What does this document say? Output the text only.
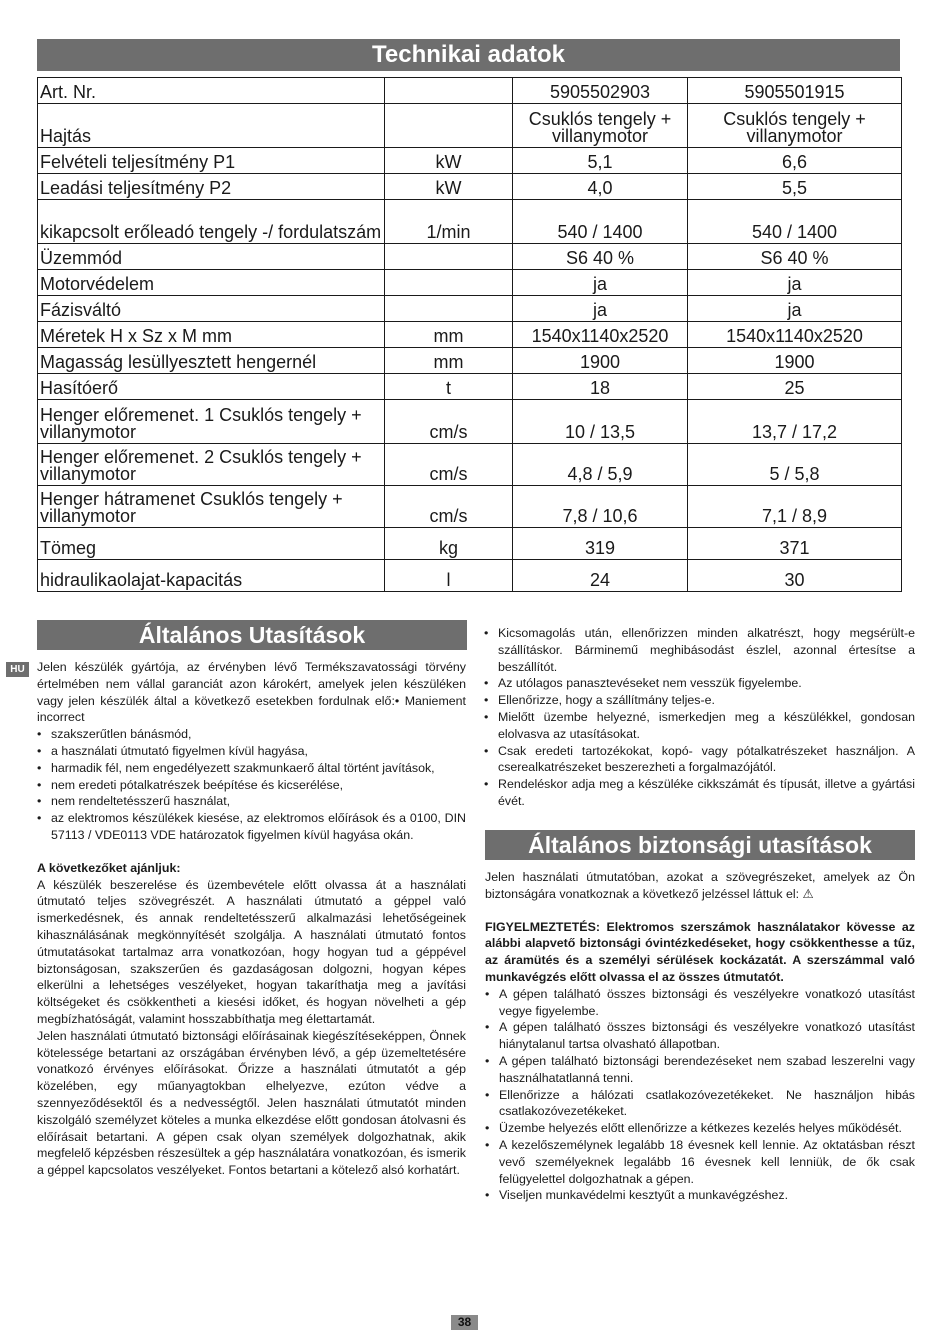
Technikai adatok
Art. Nr.		5905502903	5905501915
Hajtás		Csuklós tengely + villanymotor	Csuklós tengely + villanymotor
Felvételi teljesítmény P1	kW	5,1	6,6
Leadási teljesítmény P2	kW	4,0	5,5
kikapcsolt erőleadó tengely -/ fordulatszám	1/min	540 / 1400	540 / 1400
Üzemmód		S6 40 %	S6 40 %
Motorvédelem		ja	ja
Fázisváltó		ja	ja
Méretek H x Sz x M mm	mm	1540x1140x2520	1540x1140x2520
Magasság lesüllyesztett hengernél	mm	1900	1900
Hasítóerő	t	18	25
Henger előremenet. 1 Csuklós tengely + villanymotor	cm/s	10 / 13,5	13,7 / 17,2
Henger előremenet. 2 Csuklós tengely + villanymotor	cm/s	4,8 / 5,9	5 / 5,8
Henger hátramenet Csuklós tengely + villanymotor	cm/s	7,8 / 10,6	7,1 / 8,9
Tömeg	kg	319	371
hidraulikaolajat-kapacitás	l	24	30
HU
Általános Utasítások

Jelen készülék gyártója, az érvényben lévő Termékszavatossági törvény értelmében nem vállal garanciát azon károkért, amelyek jelen készüléken vagy jelen készülék által a következő esetekben fordulnak elő:• Maniement incorrect

• szakszerűtlen bánásmód,
• a használati útmutató figyelmen kívül hagyása,
• harmadik fél, nem engedélyezett szakmunkaerő által történt javítások,
• nem eredeti pótalkatrészek beépítése és kicserélése,
• nem rendeltetésszerű használat,
• az elektromos készülékek kiesése, az elektromos előírások és a 0100, DIN 57113 / VDE0113 VDE határozatok figyelmen kívül hagyása okán.

A következőket ajánljuk:

A készülék beszerelése és üzembevétele előtt olvassa át a használati útmutató teljes szövegrészét. A használati útmutató a géppel való ismerkedésnek, és annak rendeltetésszerű alkalmazási lehetőségeinek kihasználásának megkönnyítését szolgálja. A használati útmutató fontos útmutatásokat tartalmaz arra vonatkozóan, hogy hogyan tud a géppével biztonságosan, szakszerűen és gazdaságosan dolgozni, hogyan képes elkerülni a lehetséges veszélyeket, hogyan takaríthatja meg a javítási költségeket és csökkentheti a kiesési időket, és hogyan növelheti a gép megbízhatóságát, valamint hosszabbíthatja meg élettartamát.

Jelen használati útmutató biztonsági előírásainak kiegészítéseképpen, Önnek kötelessége betartani az országában érvényben lévő, a gép üzemeltetésére vonatkozó érvényes előírásokat. Őrizze a használati útmutatót a gép közelében, egy műanyagtokban elhelyezve, ezúton védve a szennyeződésektől és a nedvességtől. Jelen használati útmutatót minden kiszolgáló személyzet köteles a munka elkezdése előtt gondosan átolvasni és előírásait betartani. A gépen csak olyan személyek dolgozhatnak, akik megfelelő képzésben részesültek a gép használatára vonatkozóan, és ismerik a géppel kapcsolatos veszélyeket. Fontos betartani a kötelező alsó korhatárt.

• Kicsomagolás után, ellenőrizzen minden alkatrészt, hogy megsérült-e szállításkor. Bárminemű meghibásodást észlel, azonnal értesítse a beszállítót.
• Az utólagos panasztevéseket nem vesszük figyelembe.
• Ellenőrizze, hogy a szállítmány teljes-e.
• Mielőtt üzembe helyezné, ismerkedjen meg a készülékkel, gondosan elolvasva az utasításokat.
• Csak eredeti tartozékokat, kopó- vagy pótalkatrészeket használjon. A cserealkatrészeket beszerezheti a forgalmazójától.
• Rendeléskor adja meg a készüléke cikkszámát és típusát, illetve a gyártási évét.
Általános biztonsági utasítások

Jelen használati útmutatóban, azokat a szövegrészeket, amelyek az Ön biztonságára vonatkoznak a következő jelzéssel láttuk el: ⚠

FIGYELMEZTETÉS: Elektromos szerszámok használatakor kövesse az alábbi alapvető biztonsági óvintézkedéseket, hogy csökkenthesse a tűz, az áramütés és a személyi sérülések kockázatát. A szerszámmal való munkavégzés előtt olvassa el az összes útmutatót.

• A gépen található összes biztonsági és veszélyekre vonatkozó utasítást vegye figyelembe.
• A gépen található összes biztonsági és veszélyekre vonatkozó utasítást hiánytalanul tartsa olvasható állapotban.
• A gépen található biztonsági berendezéseket nem szabad leszerelni vagy használhatatlanná tenni.
• Ellenőrizze a hálózati csatlakozóvezetékeket. Ne használjon hibás csatlakozóvezetékeket.
• Üzembe helyezés előtt ellenőrizze a kétkezes kezelés helyes működését.
• A kezelőszemélynek legalább 18 évesnek kell lennie. Az oktatásban részt vevő személyeknek legalább 16 évesnek kell lenniük, de ők csak felügyelettel dolgozhatnak a gépen.
• Viseljen munkavédelmi kesztyűt a munkavégzéshez.
38
